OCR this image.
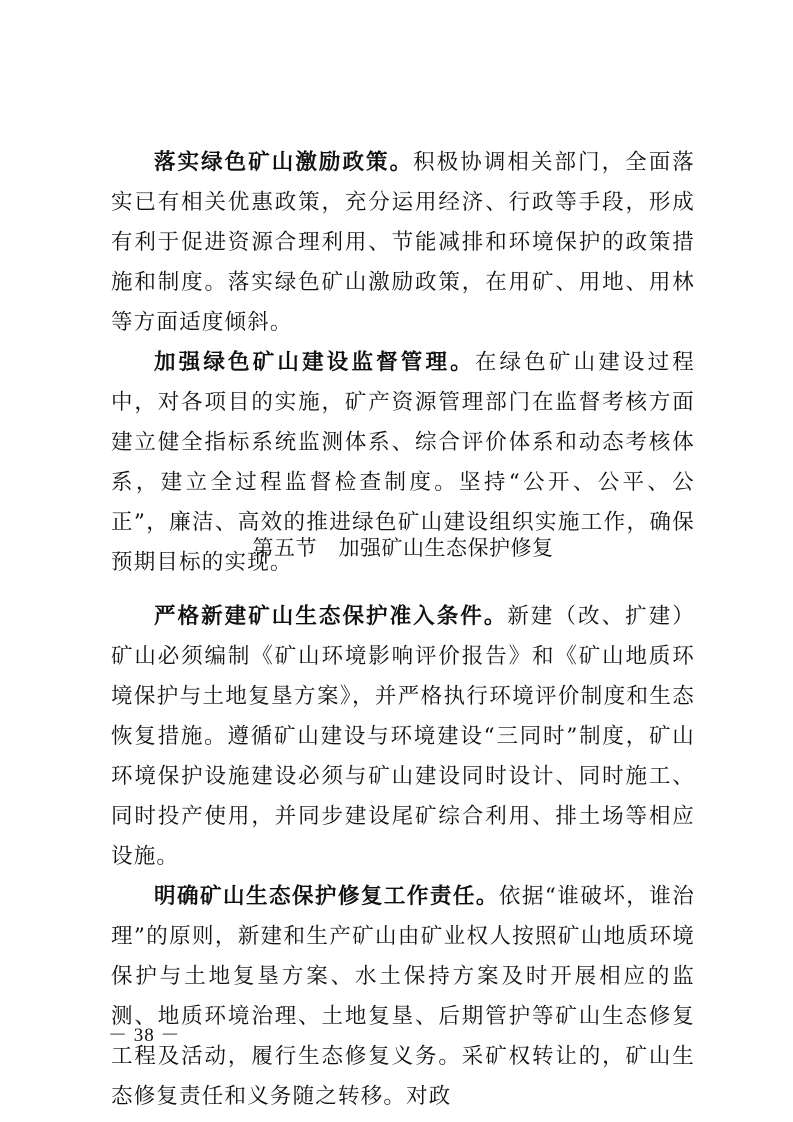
落实绿色矿山激励政策。积极协调相关部门，全面落实已有相关优惠政策，充分运用经济、行政等手段，形成有利于促进资源合理利用、节能减排和环境保护的政策措施和制度。落实绿色矿山激励政策，在用矿、用地、用林等方面适度倾斜。

加强绿色矿山建设监督管理。在绿色矿山建设过程中，对各项目的实施，矿产资源管理部门在监督考核方面建立健全指标系统监测体系、综合评价体系和动态考核体系，建立全过程监督检查制度。坚持“公开、公平、公正”，廉洁、高效的推进绿色矿山建设组织实施工作，确保预期目标的实现。

第五节　加强矿山生态保护修复

严格新建矿山生态保护准入条件。新建（改、扩建）矿山必须编制《矿山环境影响评价报告》和《矿山地质环境保护与土地复垦方案》，并严格执行环境评价制度和生态恢复措施。遵循矿山建设与环境建设“三同时”制度，矿山环境保护设施建设必须与矿山建设同时设计、同时施工、同时投产使用，并同步建设尾矿综合利用、排土场等相应设施。

明确矿山生态保护修复工作责任。依据“谁破坏，谁治理”的原则，新建和生产矿山由矿业权人按照矿山地质环境保护与土地复垦方案、水土保持方案及时开展相应的监测、地质环境治理、土地复垦、后期管护等矿山生态修复工程及活动，履行生态修复义务。采矿权转让的，矿山生态修复责任和义务随之转移。对政

－ 38 －
